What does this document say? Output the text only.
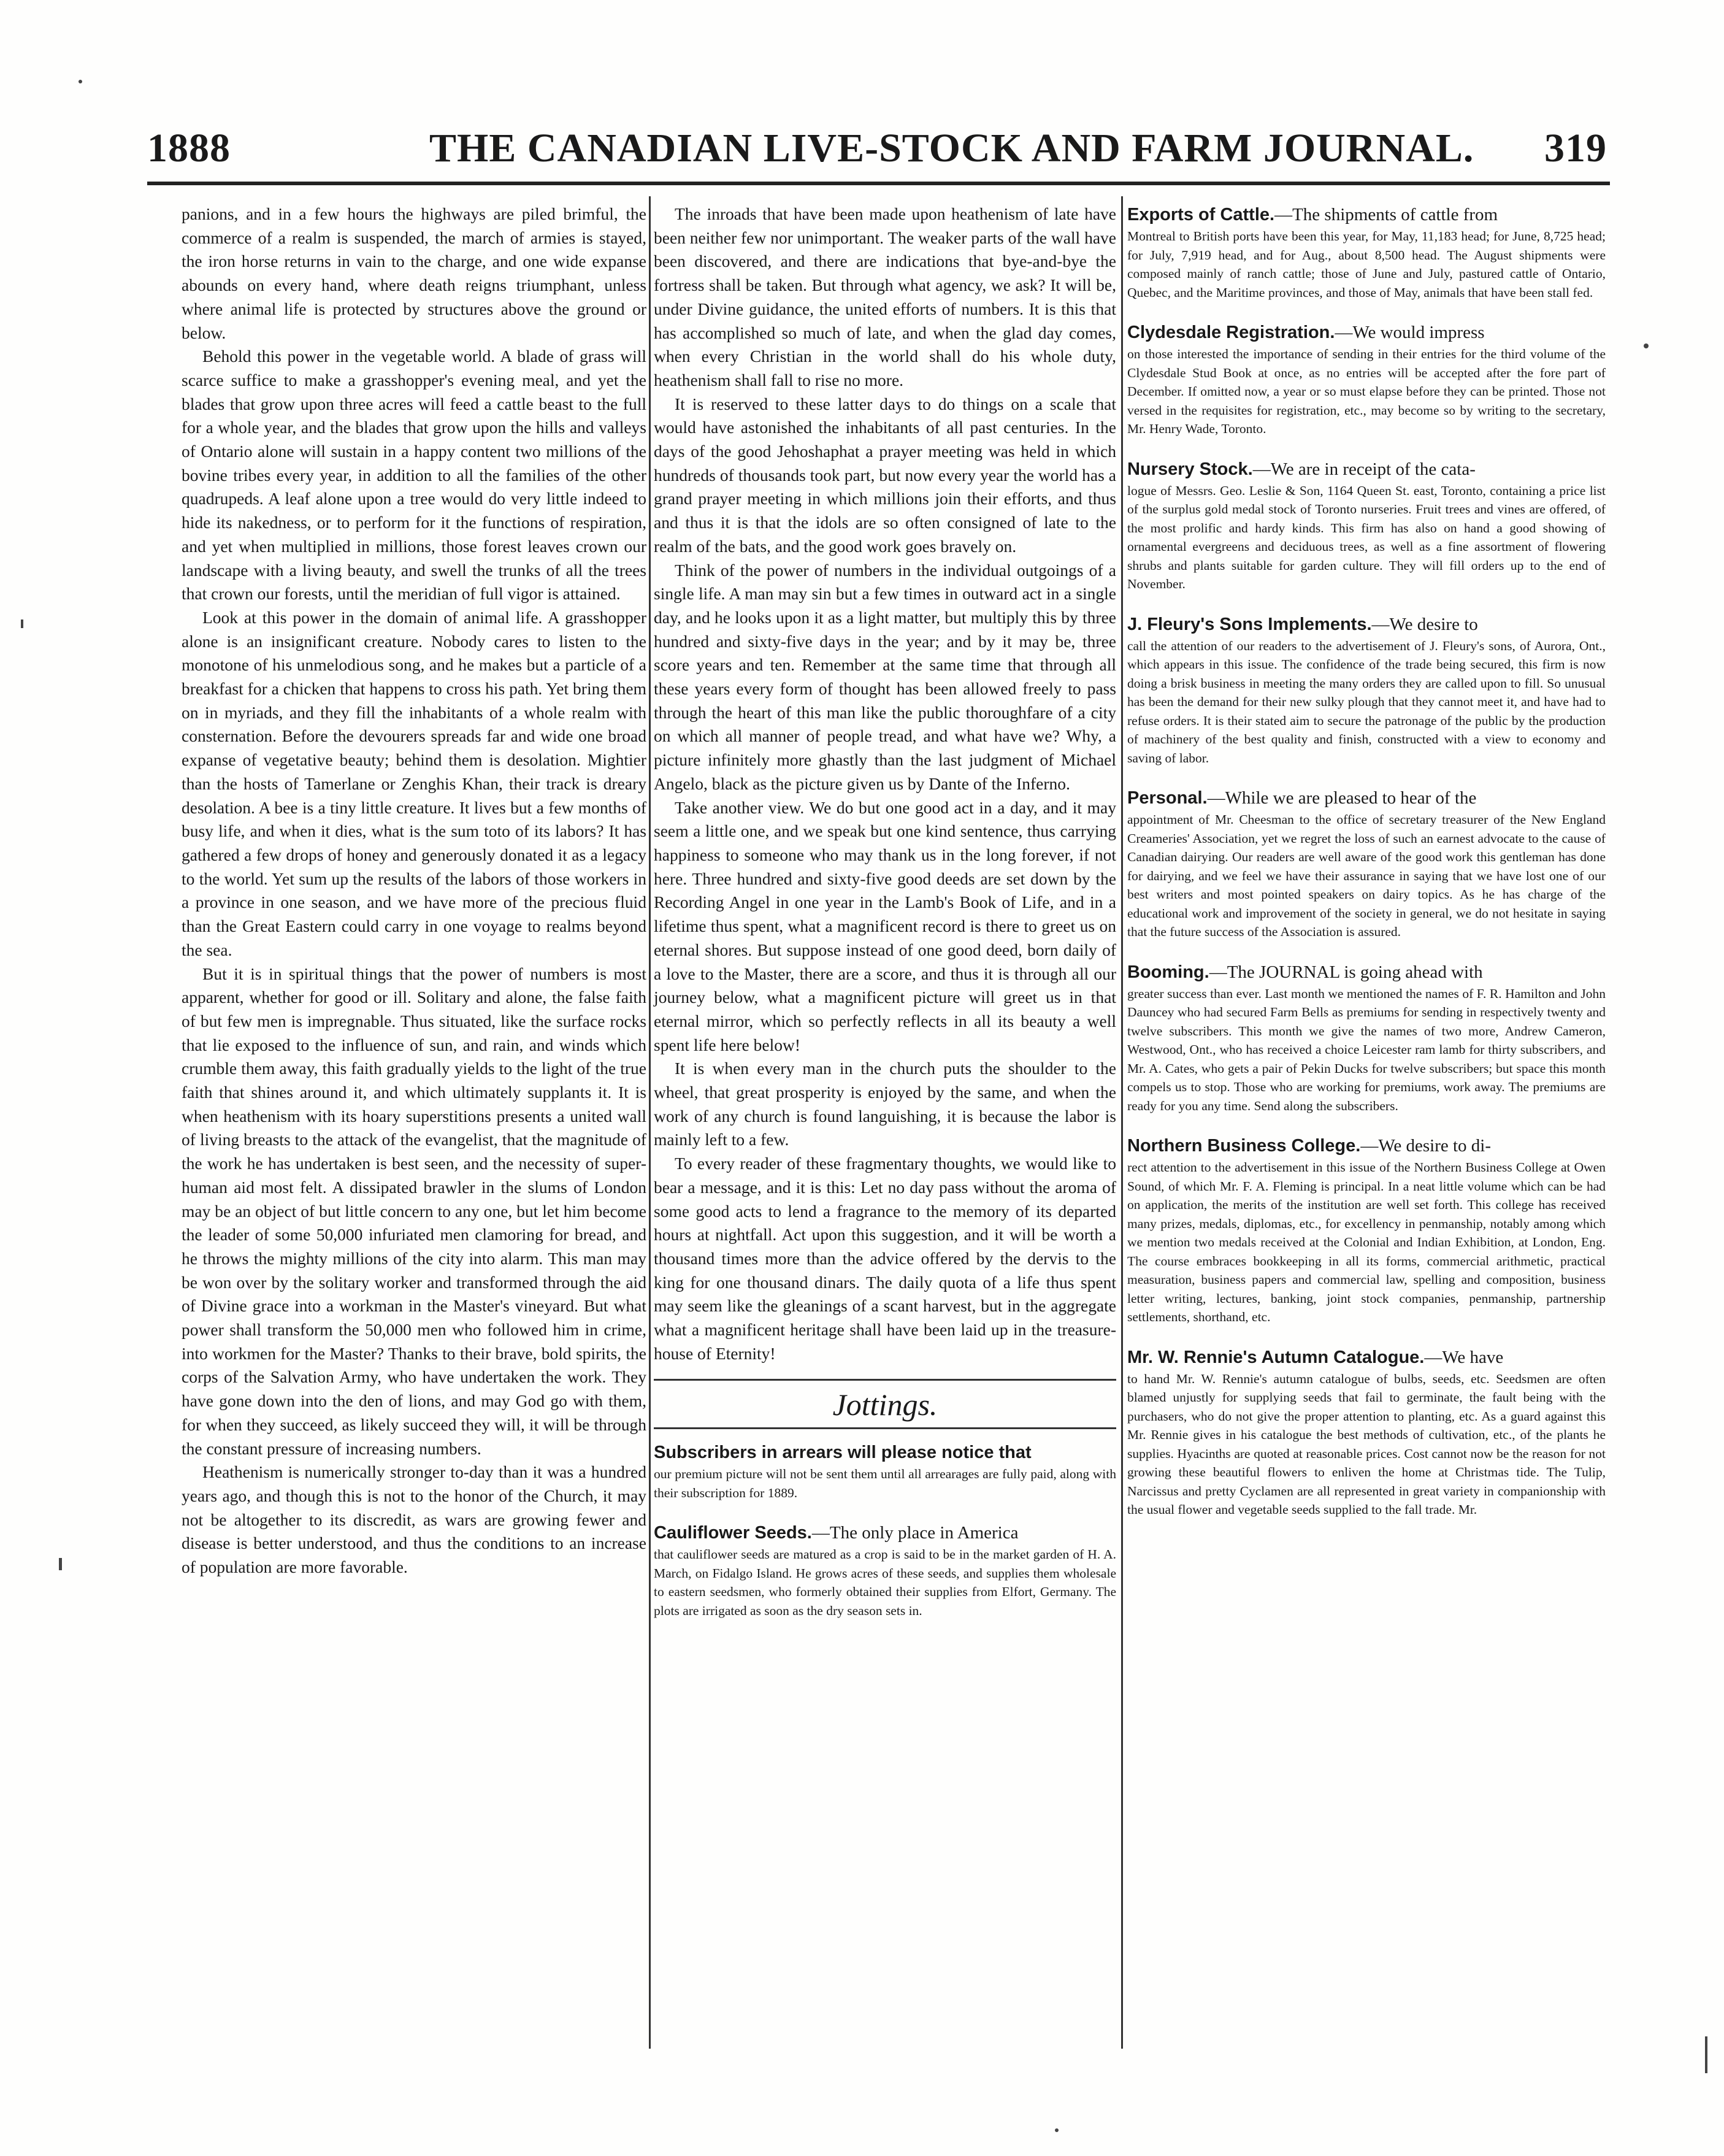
1888	THE CANADIAN LIVE-STOCK AND FARM JOURNAL. 319

panions, and in a few hours the highways are piled brimful, the commerce of a realm is suspended, the march of armies is stayed, the iron horse returns in vain to the charge, and one wide expanse abounds on every hand, where death reigns triumphant, unless where animal life is protected by structures above the ground or below.

Behold this power in the vegetable world. A blade of grass will scarce suffice to make a grasshopper's evening meal, and yet the blades that grow upon three acres will feed a cattle beast to the full for a whole year, and the blades that grow upon the hills and valleys of Ontario alone will sustain in a happy content two millions of the bovine tribes every year, in addition to all the families of the other quadrupeds. A leaf alone upon a tree would do very little indeed to hide its nakedness, or to perform for it the functions of respiration, and yet when multiplied in millions, those forest leaves crown our landscape with a living beauty, and swell the trunks of all the trees that crown our forests, until the meridian of full vigor is attained.

Look at this power in the domain of animal life. A grasshopper alone is an insignificant creature. Nobody cares to listen to the monotone of his unmelodious song, and he makes but a particle of a breakfast for a chicken that happens to cross his path. Yet bring them on in myriads, and they fill the inhabitants of a whole realm with consternation. Before the devourers spreads far and wide one broad expanse of vegetative beauty; behind them is desolation. Mightier than the hosts of Tamerlane or Zenghis Khan, their track is dreary desolation. A bee is a tiny little creature. It lives but a few months of busy life, and when it dies, what is the sum toto of its labors? It has gathered a few drops of honey and generously donated it as a legacy to the world. Yet sum up the results of the labors of those workers in a province in one season, and we have more of the precious fluid than the Great Eastern could carry in one voyage to realms beyond the sea.

But it is in spiritual things that the power of numbers is most apparent, whether for good or ill. Solitary and alone, the false faith of but few men is impregnable. Thus situated, like the surface rocks that lie exposed to the influence of sun, and rain, and winds which crumble them away, this faith gradually yields to the light of the true faith that shines around it, and which ultimately supplants it. It is when heathenism with its hoary superstitions presents a united wall of living breasts to the attack of the evangelist, that the magnitude of the work he has undertaken is best seen, and the necessity of super-human aid most felt. A dissipated brawler in the slums of London may be an object of but little concern to any one, but let him become the leader of some 50,000 infuriated men clamoring for bread, and he throws the mighty millions of the city into alarm. This man may be won over by the solitary worker and transformed through the aid of Divine grace into a workman in the Master's vineyard. But what power shall transform the 50,000 men who followed him in crime, into workmen for the Master? Thanks to their brave, bold spirits, the corps of the Salvation Army, who have undertaken the work. They have gone down into the den of lions, and may God go with them, for when they succeed, as likely succeed they will, it will be through the constant pressure of increasing numbers.

Heathenism is numerically stronger to-day than it was a hundred years ago, and though this is not to the honor of the Church, it may not be altogether to its discredit, as wars are growing fewer and disease is better understood, and thus the conditions to an increase of population are more favorable.

The inroads that have been made upon heathenism of late have been neither few nor unimportant. The weaker parts of the wall have been discovered, and there are indications that bye-and-bye the fortress shall be taken. But through what agency, we ask? It will be, under Divine guidance, the united efforts of numbers. It is this that has accomplished so much of late, and when the glad day comes, when every Christian in the world shall do his whole duty, heathenism shall fall to rise no more.

It is reserved to these latter days to do things on a scale that would have astonished the inhabitants of all past centuries. In the days of the good Jehoshaphat a prayer meeting was held in which hundreds of thousands took part, but now every year the world has a grand prayer meeting in which millions join their efforts, and thus and thus it is that the idols are so often consigned of late to the realm of the bats, and the good work goes bravely on.

Think of the power of numbers in the individual outgoings of a single life. A man may sin but a few times in outward act in a single day, and he looks upon it as a light matter, but multiply this by three hundred and sixty-five days in the year; and by it may be, three score years and ten. Remember at the same time that through all these years every form of thought has been allowed freely to pass through the heart of this man like the public thoroughfare of a city on which all manner of people tread, and what have we? Why, a picture infinitely more ghastly than the last judgment of Michael Angelo, black as the picture given us by Dante of the Inferno.

Take another view. We do but one good act in a day, and it may seem a little one, and we speak but one kind sentence, thus carrying happiness to someone who may thank us in the long forever, if not here. Three hundred and sixty-five good deeds are set down by the Recording Angel in one year in the Lamb's Book of Life, and in a lifetime thus spent, what a magnificent record is there to greet us on eternal shores. But suppose instead of one good deed, born daily of a love to the Master, there are a score, and thus it is through all our journey below, what a magnificent picture will greet us in that eternal mirror, which so perfectly reflects in all its beauty a well spent life here below!

It is when every man in the church puts the shoulder to the wheel, that great prosperity is enjoyed by the same, and when the work of any church is found languishing, it is because the labor is mainly left to a few.

To every reader of these fragmentary thoughts, we would like to bear a message, and it is this: Let no day pass without the aroma of some good acts to lend a fragrance to the memory of its departed hours at nightfall. Act upon this suggestion, and it will be worth a thousand times more than the advice offered by the dervis to the king for one thousand dinars. The daily quota of a life thus spent may seem like the gleanings of a scant harvest, but in the aggregate what a magnificent heritage shall have been laid up in the treasure-house of Eternity!

Jottings.
Subscribers in arrears will please notice that
our premium picture will not be sent them until all arrearages are fully paid, along with their subscription for 1889.
Cauliflower Seeds.—The only place in America
that cauliflower seeds are matured as a crop is said to be in the market garden of H. A. March, on Fidalgo Island. He grows acres of these seeds, and supplies them wholesale to eastern seedsmen, who formerly obtained their supplies from Elfort, Germany. The plots are irrigated as soon as the dry season sets in.
Exports of Cattle.—The shipments of cattle from
Montreal to British ports have been this year, for May, 11,183 head; for June, 8,725 head; for July, 7,919 head, and for Aug., about 8,500 head. The August shipments were composed mainly of ranch cattle; those of June and July, pastured cattle of Ontario, Quebec, and the Maritime provinces, and those of May, animals that have been stall fed.
Clydesdale Registration.—We would impress
on those interested the importance of sending in their entries for the third volume of the Clydesdale Stud Book at once, as no entries will be accepted after the fore part of December. If omitted now, a year or so must elapse before they can be printed. Those not versed in the requisites for registration, etc., may become so by writing to the secretary, Mr. Henry Wade, Toronto.
Nursery Stock.—We are in receipt of the cata-
logue of Messrs. Geo. Leslie & Son, 1164 Queen St. east, Toronto, containing a price list of the surplus gold medal stock of Toronto nurseries. Fruit trees and vines are offered, of the most prolific and hardy kinds. This firm has also on hand a good showing of ornamental evergreens and deciduous trees, as well as a fine assortment of flowering shrubs and plants suitable for garden culture. They will fill orders up to the end of November.
J. Fleury's Sons Implements.—We desire to
call the attention of our readers to the advertisement of J. Fleury's sons, of Aurora, Ont., which appears in this issue. The confidence of the trade being secured, this firm is now doing a brisk business in meeting the many orders they are called upon to fill. So unusual has been the demand for their new sulky plough that they cannot meet it, and have had to refuse orders. It is their stated aim to secure the patronage of the public by the production of machinery of the best quality and finish, constructed with a view to economy and saving of labor.
Personal.—While we are pleased to hear of the
appointment of Mr. Cheesman to the office of secretary treasurer of the New England Creameries' Association, yet we regret the loss of such an earnest advocate to the cause of Canadian dairying. Our readers are well aware of the good work this gentleman has done for dairying, and we feel we have their assurance in saying that we have lost one of our best writers and most pointed speakers on dairy topics. As he has charge of the educational work and improvement of the society in general, we do not hesitate in saying that the future success of the Association is assured.
Booming.—The JOURNAL is going ahead with
greater success than ever. Last month we mentioned the names of F. R. Hamilton and John Dauncey who had secured Farm Bells as premiums for sending in respectively twenty and twelve subscribers. This month we give the names of two more, Andrew Cameron, Westwood, Ont., who has received a choice Leicester ram lamb for thirty subscribers, and Mr. A. Cates, who gets a pair of Pekin Ducks for twelve subscribers; but space this month compels us to stop. Those who are working for premiums, work away. The premiums are ready for you any time. Send along the subscribers.
Northern Business College.—We desire to di-
rect attention to the advertisement in this issue of the Northern Business College at Owen Sound, of which Mr. F. A. Fleming is principal. In a neat little volume which can be had on application, the merits of the institution are well set forth. This college has received many prizes, medals, diplomas, etc., for excellency in penmanship, notably among which we mention two medals received at the Colonial and Indian Exhibition, at London, Eng. The course embraces bookkeeping in all its forms, commercial arithmetic, practical measuration, business papers and commercial law, spelling and composition, business letter writing, lectures, banking, joint stock companies, penmanship, partnership settlements, shorthand, etc.
Mr. W. Rennie's Autumn Catalogue.—We have
to hand Mr. W. Rennie's autumn catalogue of bulbs, seeds, etc. Seedsmen are often blamed unjustly for supplying seeds that fail to germinate, the fault being with the purchasers, who do not give the proper attention to planting, etc. As a guard against this Mr. Rennie gives in his catalogue the best methods of cultivation, etc., of the plants he supplies. Hyacinths are quoted at reasonable prices. Cost cannot now be the reason for not growing these beautiful flowers to enliven the home at Christmas tide. The Tulip, Narcissus and pretty Cyclamen are all represented in great variety in companionship with the usual flower and vegetable seeds supplied to the fall trade. Mr.
